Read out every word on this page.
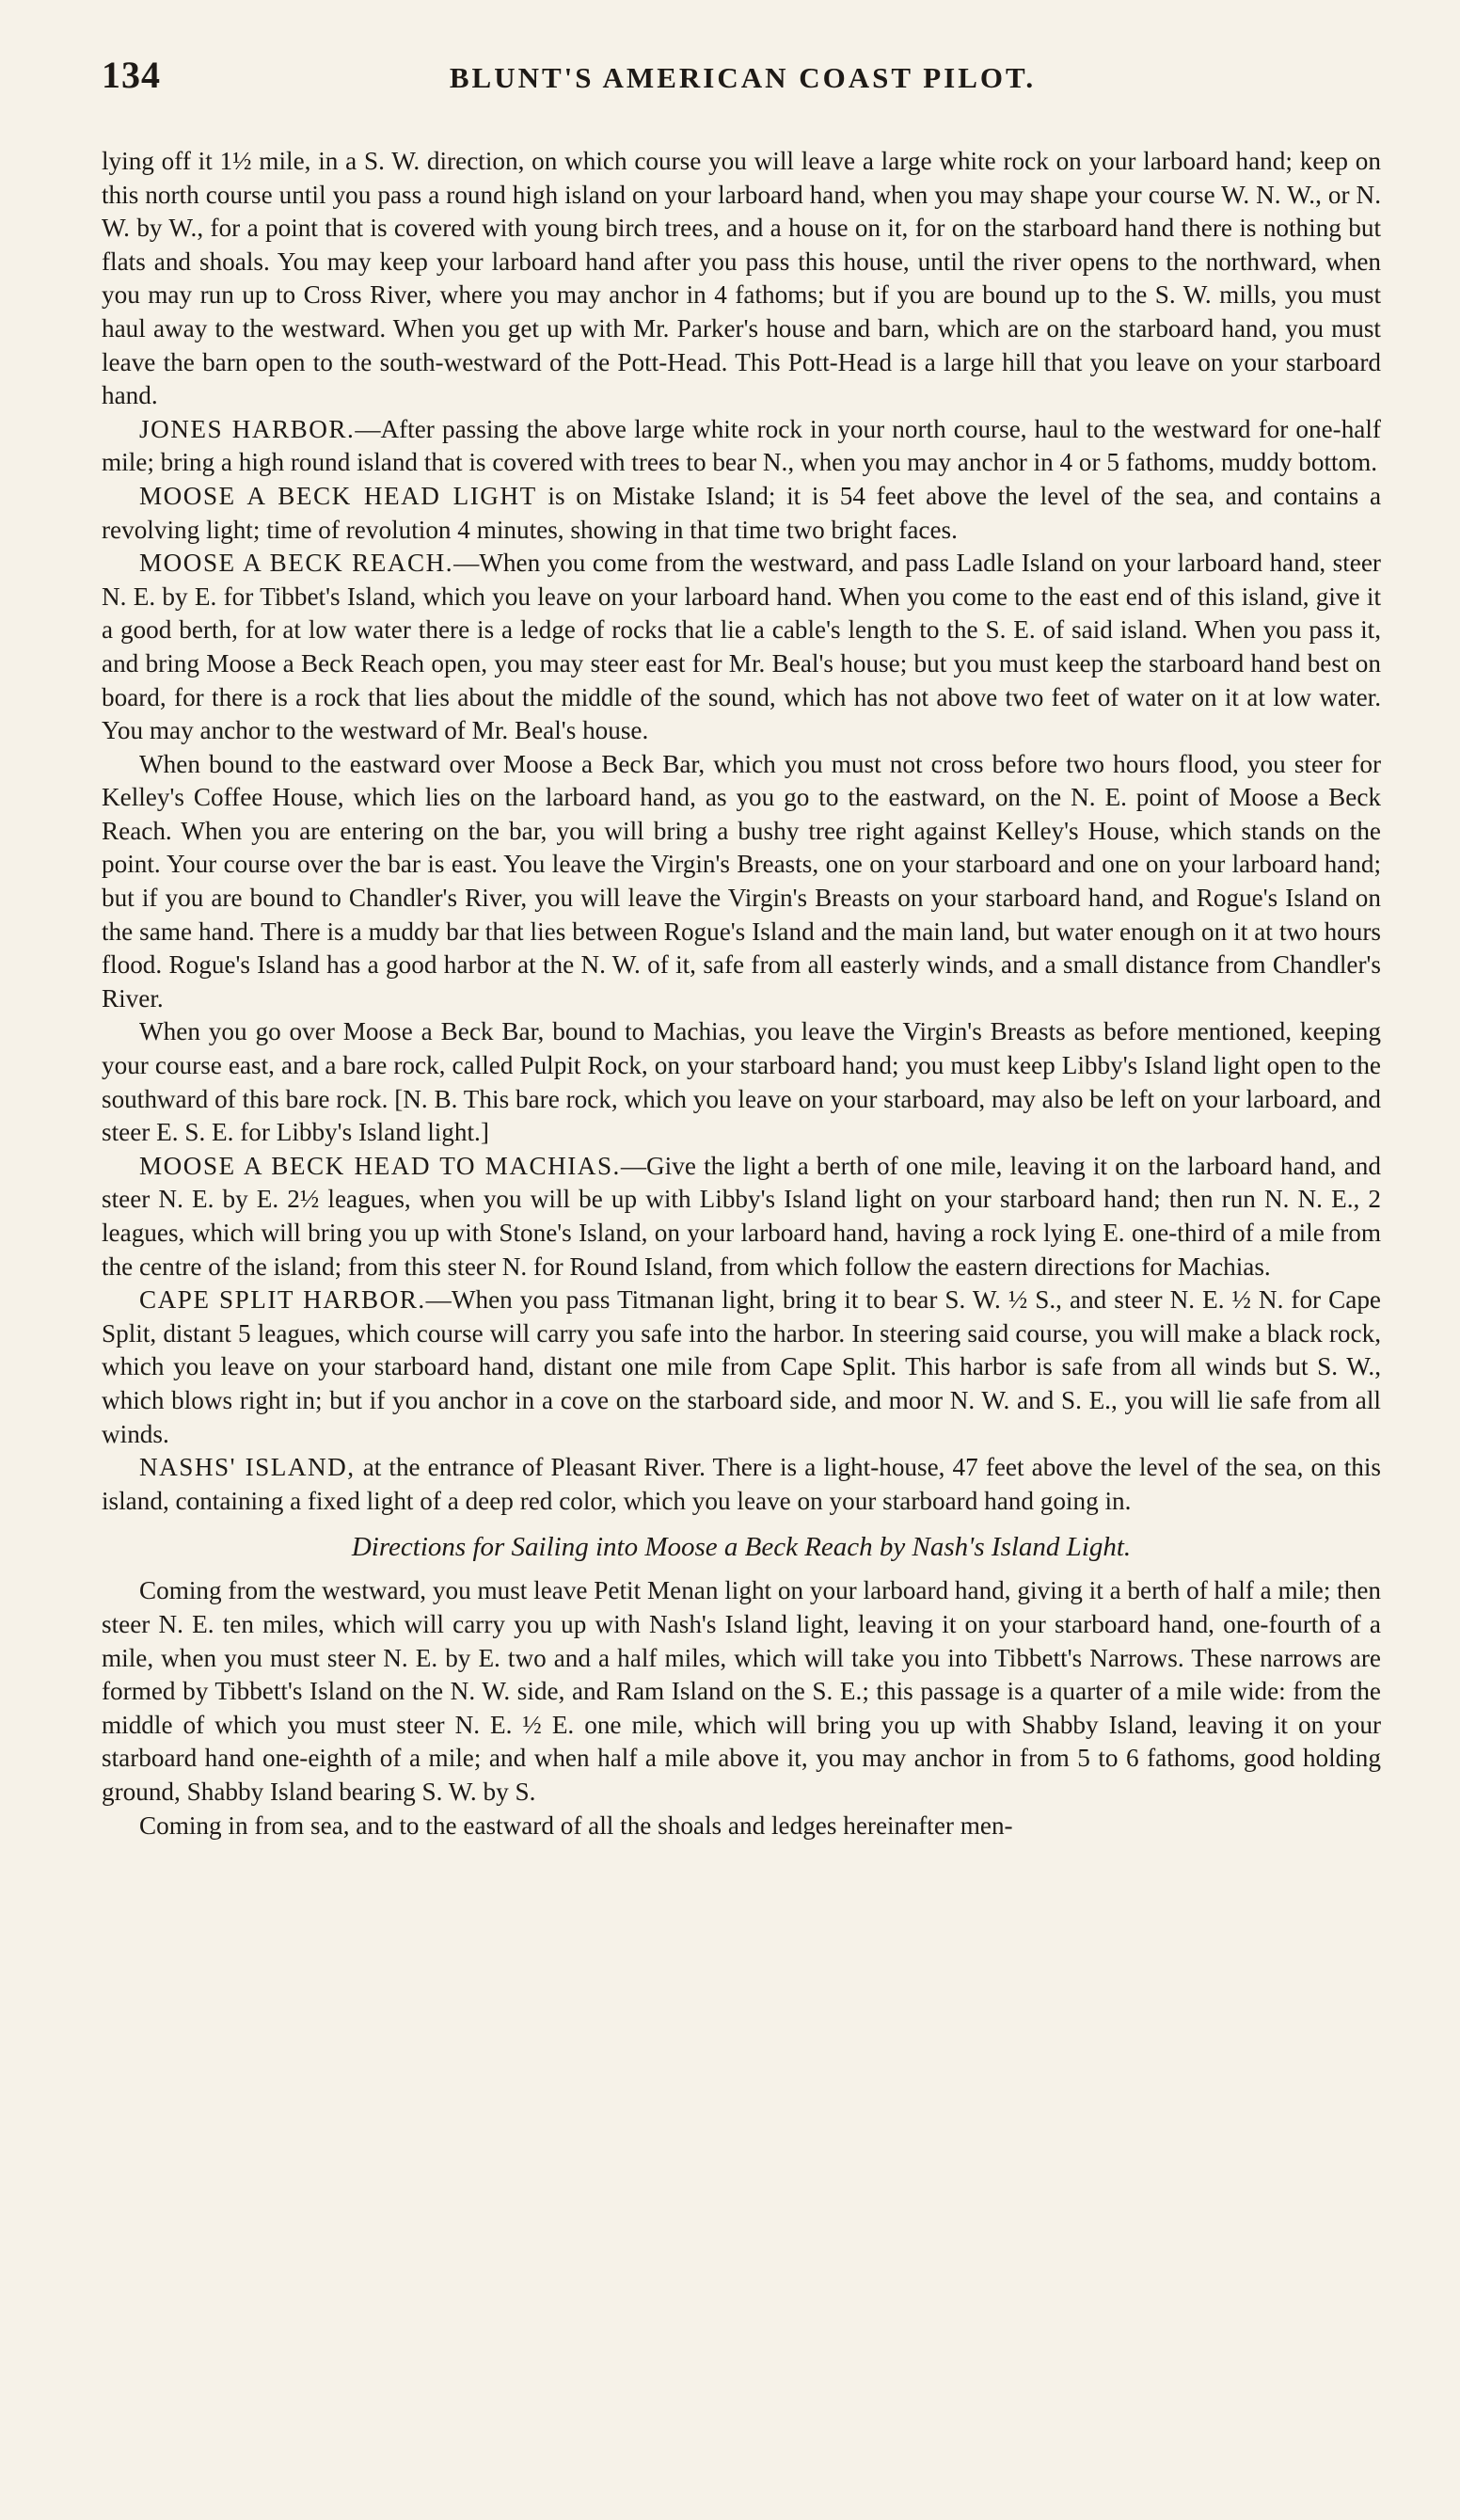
134	BLUNT'S AMERICAN COAST PILOT.

lying off it 1½ mile, in a S. W. direction, on which course you will leave a large white rock on your larboard hand; keep on this north course until you pass a round high island on your larboard hand, when you may shape your course W. N. W., or N. W. by W., for a point that is covered with young birch trees, and a house on it, for on the starboard hand there is nothing but flats and shoals. You may keep your larboard hand after you pass this house, until the river opens to the northward, when you may run up to Cross River, where you may anchor in 4 fathoms; but if you are bound up to the S. W. mills, you must haul away to the westward. When you get up with Mr. Parker's house and barn, which are on the starboard hand, you must leave the barn open to the south-westward of the Pott-Head. This Pott-Head is a large hill that you leave on your starboard hand.

JONES HARBOR.—After passing the above large white rock in your north course, haul to the westward for one-half mile; bring a high round island that is covered with trees to bear N., when you may anchor in 4 or 5 fathoms, muddy bottom.

MOOSE A BECK HEAD LIGHT is on Mistake Island; it is 54 feet above the level of the sea, and contains a revolving light; time of revolution 4 minutes, showing in that time two bright faces.

MOOSE A BECK REACH.—When you come from the westward, and pass Ladle Island on your larboard hand, steer N. E. by E. for Tibbet's Island, which you leave on your larboard hand. When you come to the east end of this island, give it a good berth, for at low water there is a ledge of rocks that lie a cable's length to the S. E. of said island. When you pass it, and bring Moose a Beck Reach open, you may steer east for Mr. Beal's house; but you must keep the starboard hand best on board, for there is a rock that lies about the middle of the sound, which has not above two feet of water on it at low water. You may anchor to the westward of Mr. Beal's house.

When bound to the eastward over Moose a Beck Bar, which you must not cross before two hours flood, you steer for Kelley's Coffee House, which lies on the larboard hand, as you go to the eastward, on the N. E. point of Moose a Beck Reach. When you are entering on the bar, you will bring a bushy tree right against Kelley's House, which stands on the point. Your course over the bar is east. You leave the Virgin's Breasts, one on your starboard and one on your larboard hand; but if you are bound to Chandler's River, you will leave the Virgin's Breasts on your starboard hand, and Rogue's Island on the same hand. There is a muddy bar that lies between Rogue's Island and the main land, but water enough on it at two hours flood. Rogue's Island has a good harbor at the N. W. of it, safe from all easterly winds, and a small distance from Chandler's River.

When you go over Moose a Beck Bar, bound to Machias, you leave the Virgin's Breasts as before mentioned, keeping your course east, and a bare rock, called Pulpit Rock, on your starboard hand; you must keep Libby's Island light open to the southward of this bare rock. [N. B. This bare rock, which you leave on your starboard, may also be left on your larboard, and steer E. S. E. for Libby's Island light.]

MOOSE A BECK HEAD TO MACHIAS.—Give the light a berth of one mile, leaving it on the larboard hand, and steer N. E. by E. 2½ leagues, when you will be up with Libby's Island light on your starboard hand; then run N. N. E., 2 leagues, which will bring you up with Stone's Island, on your larboard hand, having a rock lying E. one-third of a mile from the centre of the island; from this steer N. for Round Island, from which follow the eastern directions for Machias.

CAPE SPLIT HARBOR.—When you pass Titmanan light, bring it to bear S. W. ½ S., and steer N. E. ½ N. for Cape Split, distant 5 leagues, which course will carry you safe into the harbor. In steering said course, you will make a black rock, which you leave on your starboard hand, distant one mile from Cape Split. This harbor is safe from all winds but S. W., which blows right in; but if you anchor in a cove on the starboard side, and moor N. W. and S. E., you will lie safe from all winds.

NASHS' ISLAND, at the entrance of Pleasant River. There is a light-house, 47 feet above the level of the sea, on this island, containing a fixed light of a deep red color, which you leave on your starboard hand going in.

Directions for Sailing into Moose a Beck Reach by Nash's Island Light.

Coming from the westward, you must leave Petit Menan light on your larboard hand, giving it a berth of half a mile; then steer N. E. ten miles, which will carry you up with Nash's Island light, leaving it on your starboard hand, one-fourth of a mile, when you must steer N. E. by E. two and a half miles, which will take you into Tibbett's Narrows. These narrows are formed by Tibbett's Island on the N. W. side, and Ram Island on the S. E.; this passage is a quarter of a mile wide: from the middle of which you must steer N. E. ½ E. one mile, which will bring you up with Shabby Island, leaving it on your starboard hand one-eighth of a mile; and when half a mile above it, you may anchor in from 5 to 6 fathoms, good holding ground, Shabby Island bearing S. W. by S.

Coming in from sea, and to the eastward of all the shoals and ledges hereinafter men-
